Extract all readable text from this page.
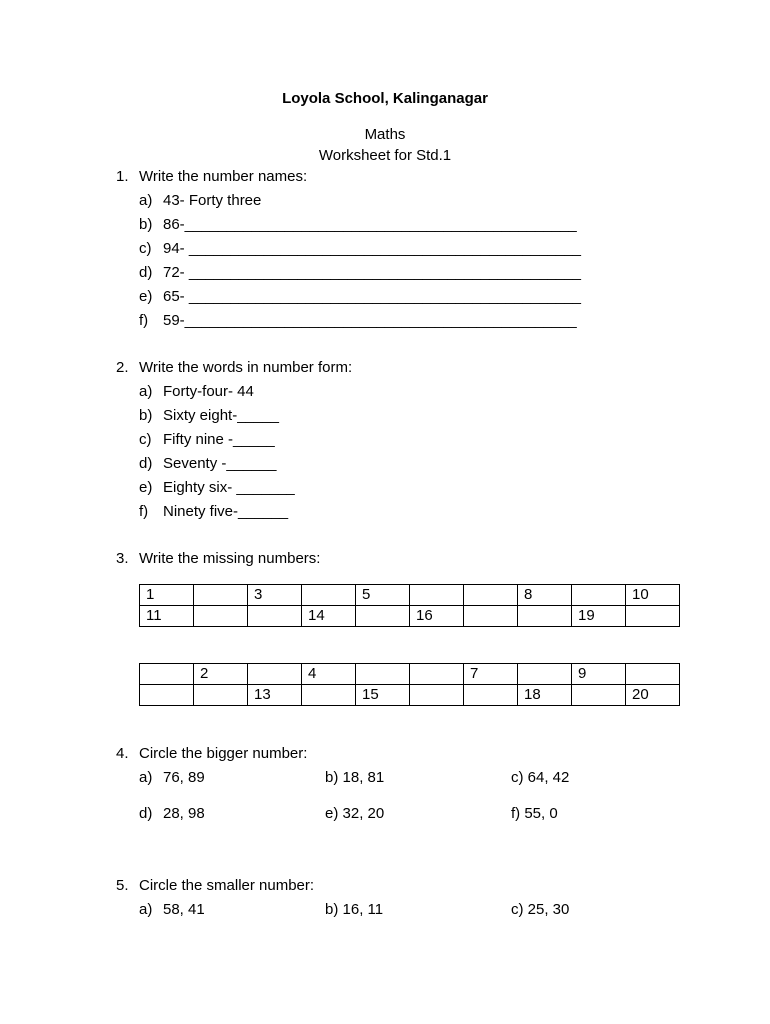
Loyola School, Kalinganagar
Maths
Worksheet for Std.1
1. Write the number names:
a) 43- Forty three
b) 86-_______________________________________________
c) 94- _______________________________________________
d) 72- _______________________________________________
e) 65- _______________________________________________
f) 59-_______________________________________________
2. Write the words in number form:
a) Forty-four- 44
b) Sixty eight-_____
c) Fifty nine -_____
d) Seventy -______
e) Eighty six- _______
f) Ninety five-______
3. Write the missing numbers:
1		3		5			8		10
11			14		16			19	
	2		4			7		9	
		13		15			18		20
4. Circle the bigger number:
a) 76, 89	b) 18, 81	c) 64, 42
d) 28, 98	e) 32, 20	f) 55, 0
5. Circle the smaller number:
a) 58, 41	b) 16, 11	c) 25, 30
